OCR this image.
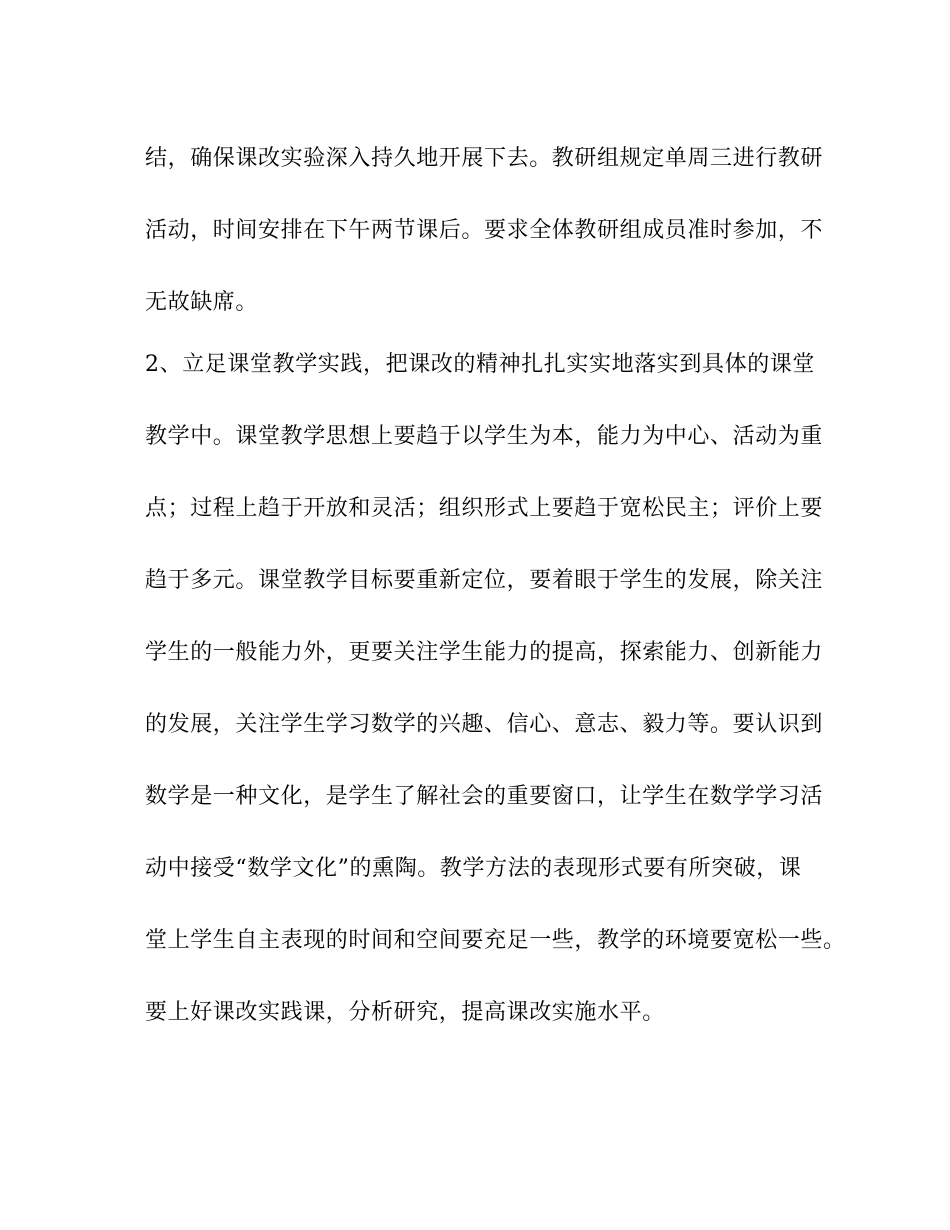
结，确保课改实验深入持久地开展下去。教研组规定单周三进行教研
活动，时间安排在下午两节课后。要求全体教研组成员准时参加，不
无故缺席。
2、立足课堂教学实践，把课改的精神扎扎实实地落实到具体的课堂
教学中。课堂教学思想上要趋于以学生为本，能力为中心、活动为重
点；过程上趋于开放和灵活；组织形式上要趋于宽松民主；评价上要
趋于多元。课堂教学目标要重新定位，要着眼于学生的发展，除关注
学生的一般能力外，更要关注学生能力的提高，探索能力、创新能力
的发展，关注学生学习数学的兴趣、信心、意志、毅力等。要认识到
数学是一种文化，是学生了解社会的重要窗口，让学生在数学学习活
动中接受“数学文化”的熏陶。教学方法的表现形式要有所突破，课
堂上学生自主表现的时间和空间要充足一些，教学的环境要宽松一些。
要上好课改实践课，分析研究，提高课改实施水平。
